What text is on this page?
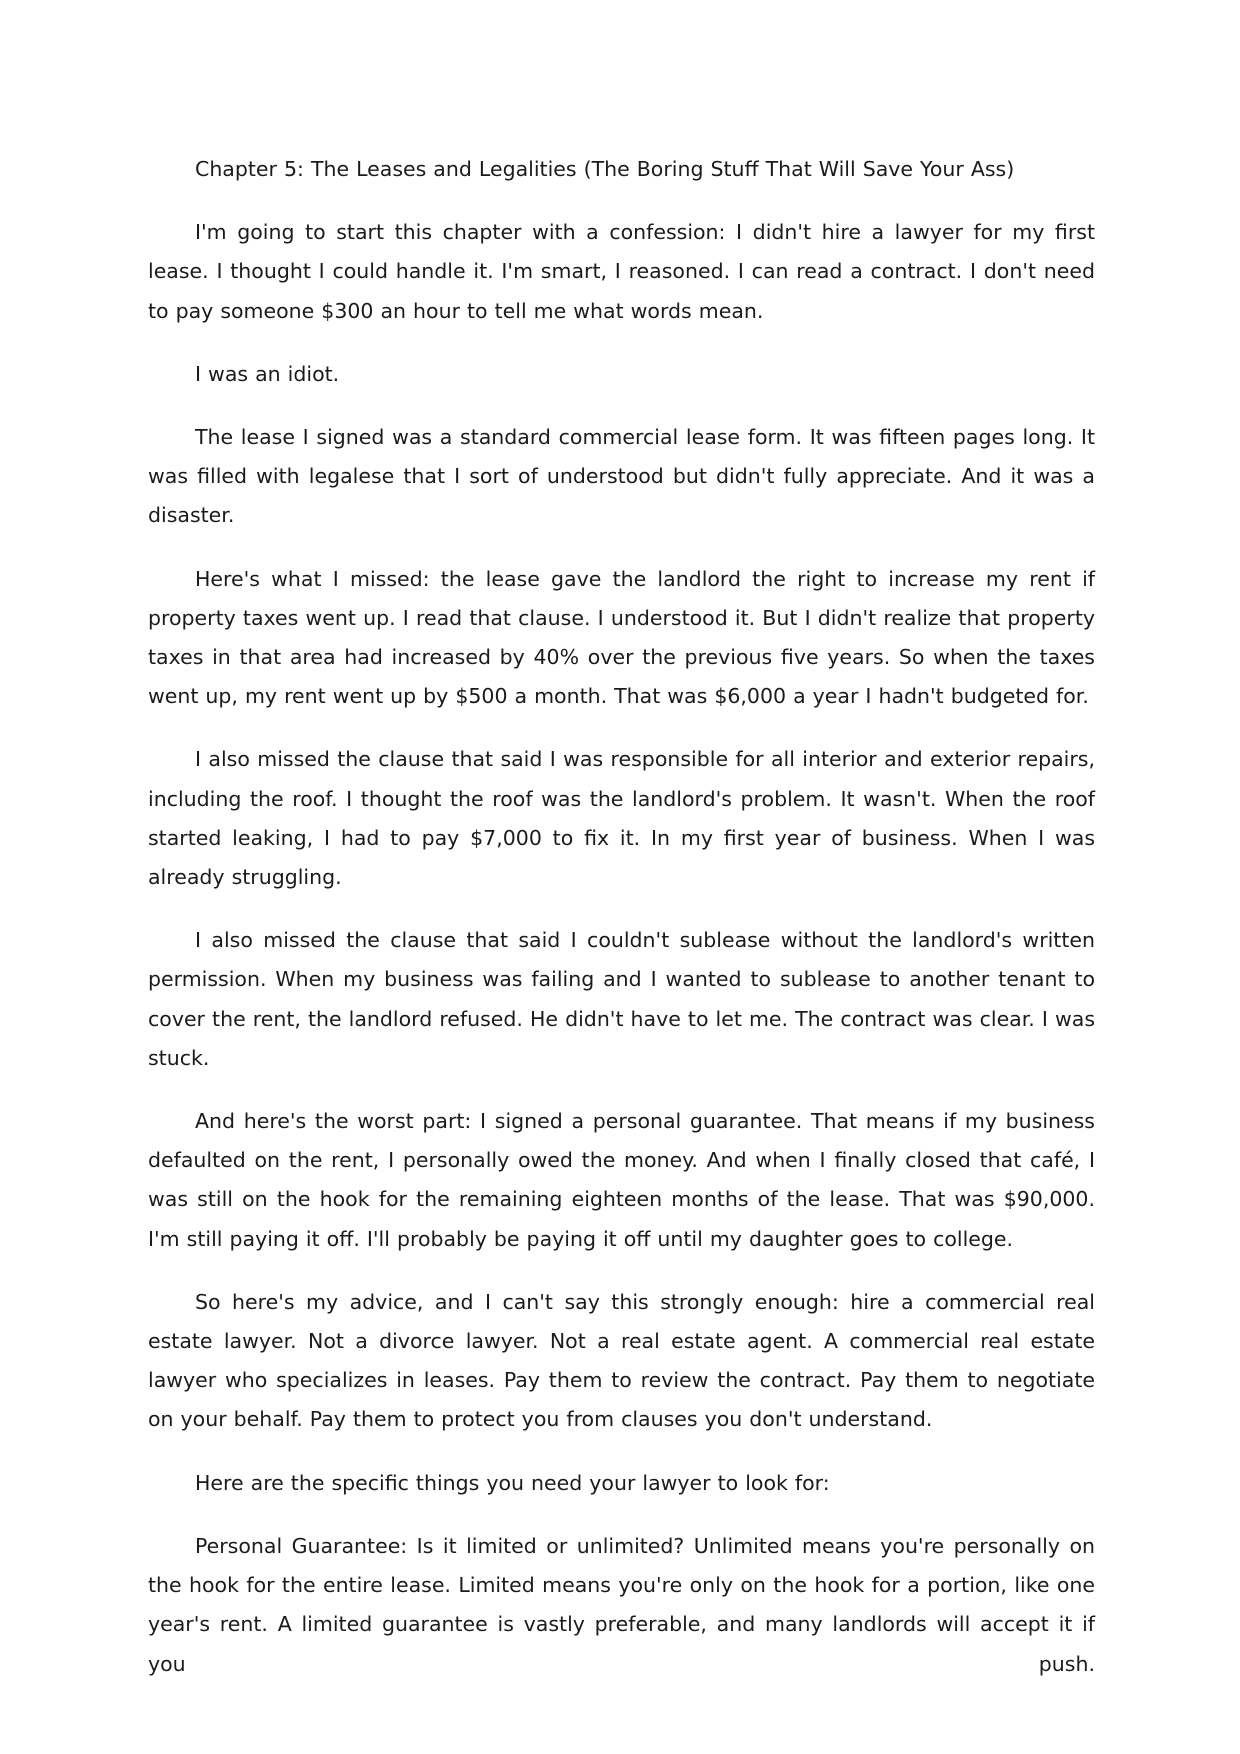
Chapter 5: The Leases and Legalities (The Boring Stuff That Will Save Your Ass)

I'm going to start this chapter with a confession: I didn't hire a lawyer for my first lease. I thought I could handle it. I'm smart, I reasoned. I can read a contract. I don't need to pay someone $300 an hour to tell me what words mean.

I was an idiot.

The lease I signed was a standard commercial lease form. It was fifteen pages long. It was filled with legalese that I sort of understood but didn't fully appreciate. And it was a disaster.

Here's what I missed: the lease gave the landlord the right to increase my rent if property taxes went up. I read that clause. I understood it. But I didn't realize that property taxes in that area had increased by 40% over the previous five years. So when the taxes went up, my rent went up by $500 a month. That was $6,000 a year I hadn't budgeted for.

I also missed the clause that said I was responsible for all interior and exterior repairs, including the roof. I thought the roof was the landlord's problem. It wasn't. When the roof started leaking, I had to pay $7,000 to fix it. In my first year of business. When I was already struggling.

I also missed the clause that said I couldn't sublease without the landlord's written permission. When my business was failing and I wanted to sublease to another tenant to cover the rent, the landlord refused. He didn't have to let me. The contract was clear. I was stuck.

And here's the worst part: I signed a personal guarantee. That means if my business defaulted on the rent, I personally owed the money. And when I finally closed that café, I was still on the hook for the remaining eighteen months of the lease. That was $90,000. I'm still paying it off. I'll probably be paying it off until my daughter goes to college.

So here's my advice, and I can't say this strongly enough: hire a commercial real estate lawyer. Not a divorce lawyer. Not a real estate agent. A commercial real estate lawyer who specializes in leases. Pay them to review the contract. Pay them to negotiate on your behalf. Pay them to protect you from clauses you don't understand.

Here are the specific things you need your lawyer to look for:

Personal Guarantee: Is it limited or unlimited? Unlimited means you're personally on the hook for the entire lease. Limited means you're only on the hook for a portion, like one year's rent. A limited guarantee is vastly preferable, and many landlords will accept it if you push.
